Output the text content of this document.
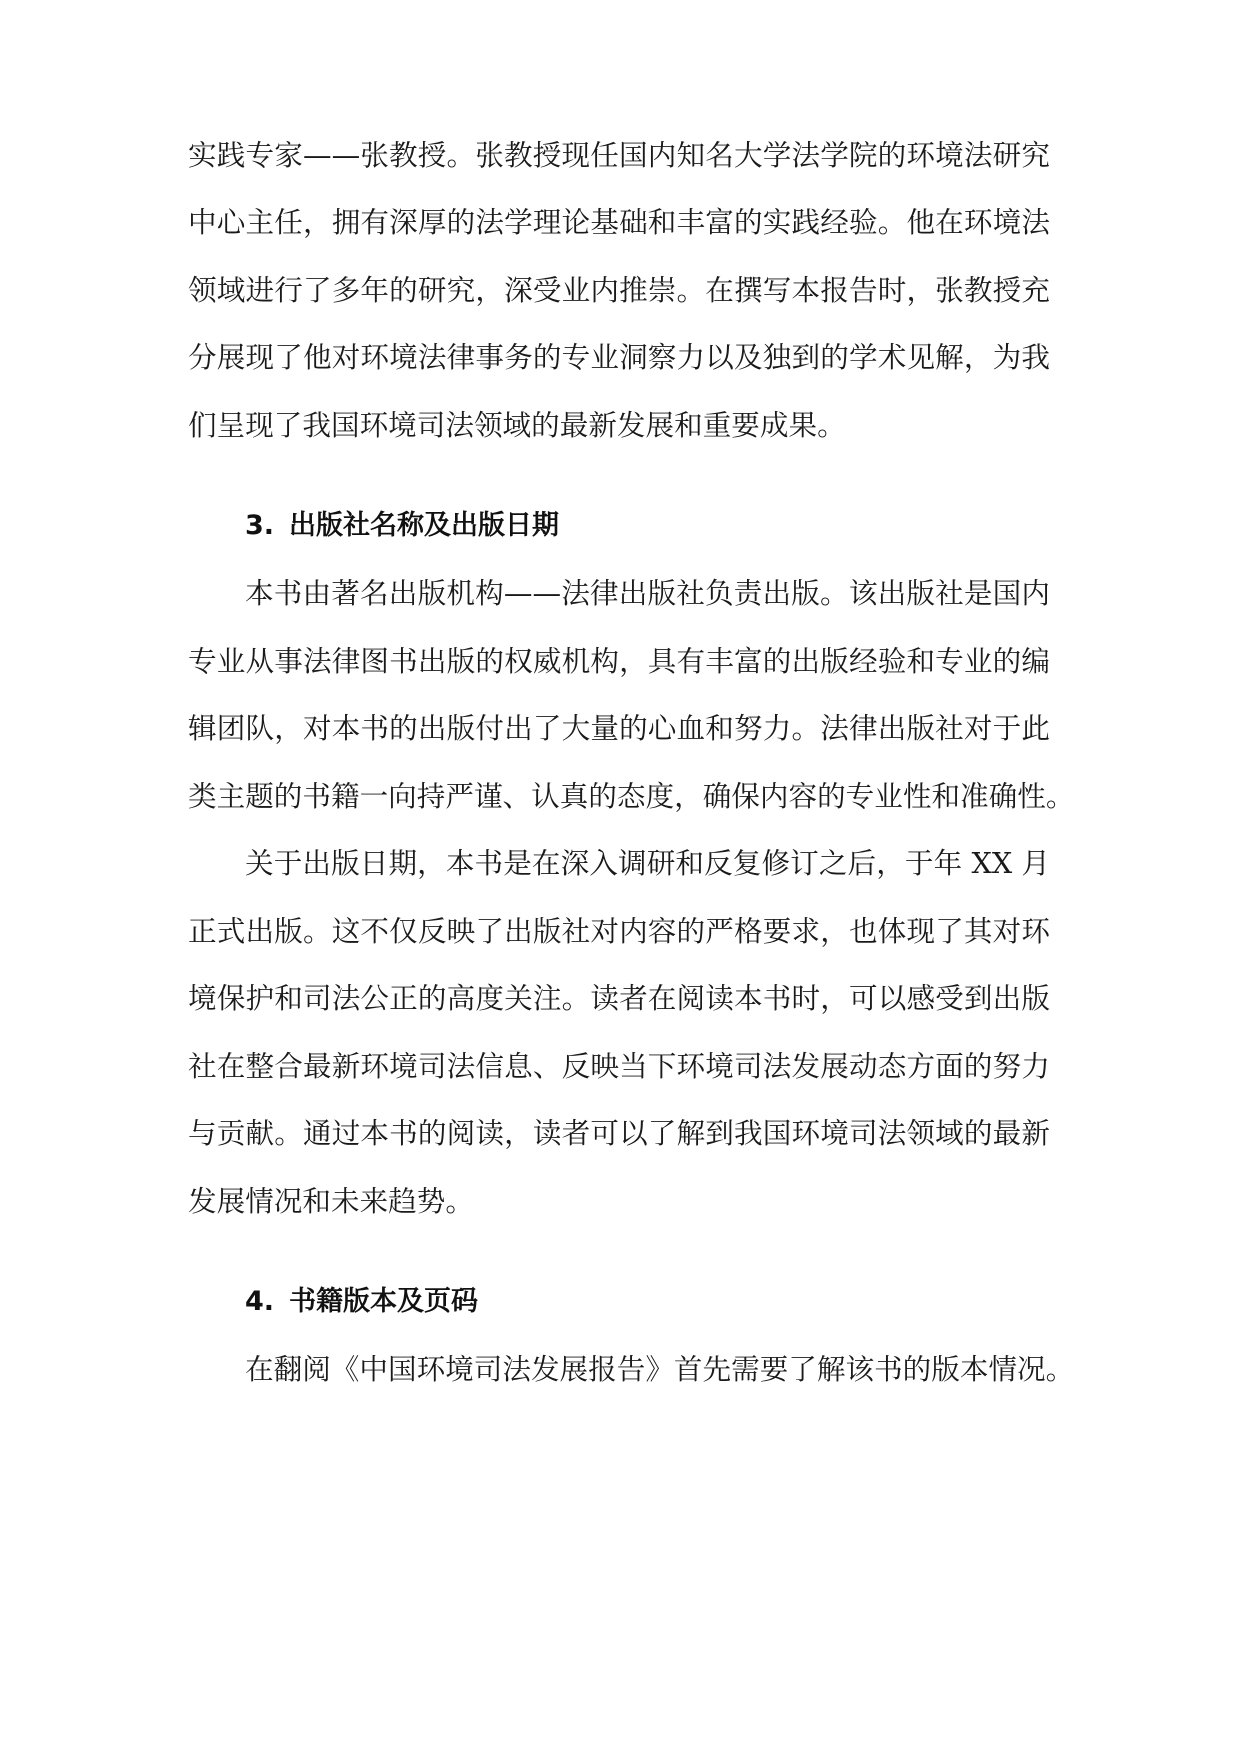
实践专家——张教授。张教授现任国内知名大学法学院的环境法研究
中心主任，拥有深厚的法学理论基础和丰富的实践经验。他在环境法
领域进行了多年的研究，深受业内推崇。在撰写本报告时，张教授充
分展现了他对环境法律事务的专业洞察力以及独到的学术见解，为我
们呈现了我国环境司法领域的最新发展和重要成果。
3. 出版社名称及出版日期
本书由著名出版机构——法律出版社负责出版。该出版社是国内
专业从事法律图书出版的权威机构，具有丰富的出版经验和专业的编
辑团队，对本书的出版付出了大量的心血和努力。法律出版社对于此
类主题的书籍一向持严谨、认真的态度，确保内容的专业性和准确性。
关于出版日期，本书是在深入调研和反复修订之后，于年 XX 月
正式出版。这不仅反映了出版社对内容的严格要求，也体现了其对环
境保护和司法公正的高度关注。读者在阅读本书时，可以感受到出版
社在整合最新环境司法信息、反映当下环境司法发展动态方面的努力
与贡献。通过本书的阅读，读者可以了解到我国环境司法领域的最新
发展情况和未来趋势。
4. 书籍版本及页码
在翻阅《中国环境司法发展报告》首先需要了解该书的版本情况。
